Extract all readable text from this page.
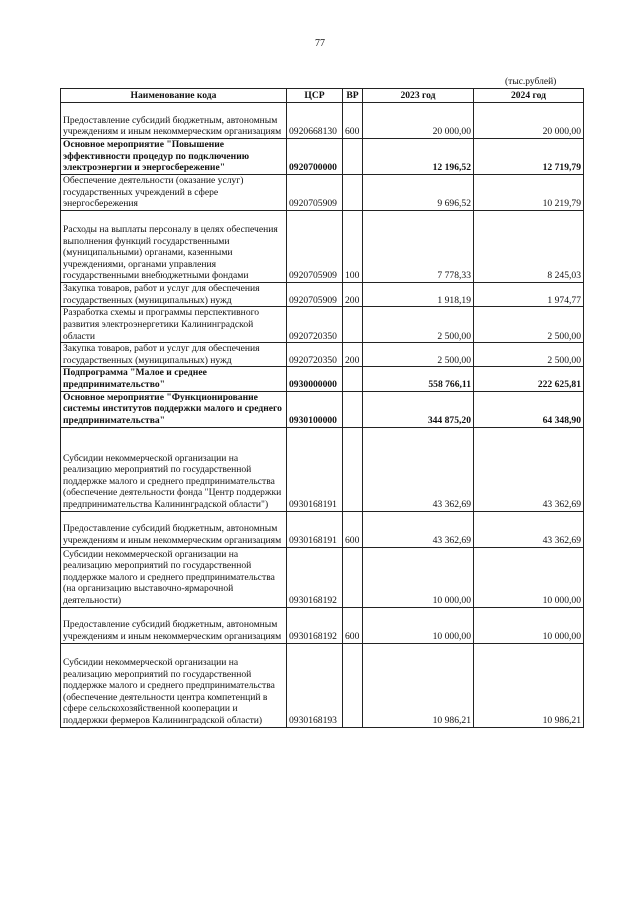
77
(тыс.рублей)
Наименование кода	ЦСР	ВР	2023 год	2024 год
Предоставление субсидий бюджетным, автономным учреждениям и иным некоммерческим организациям	0920668130	600	20 000,00	20 000,00
Основное мероприятие "Повышение эффективности процедур по подключению электроэнергии и энергосбережение"	0920700000		12 196,52	12 719,79
Обеспечение деятельности (оказание услуг) государственных учреждений в сфере энергосбережения	0920705909		9 696,52	10 219,79
Расходы на выплаты персоналу в целях обеспечения выполнения функций государственными (муниципальными) органами, казенными учреждениями, органами управления государственными внебюджетными фондами	0920705909	100	7 778,33	8 245,03
Закупка товаров, работ и услуг для обеспечения государственных (муниципальных) нужд	0920705909	200	1 918,19	1 974,77
Разработка схемы и программы перспективного развития электроэнергетики Калининградской области	0920720350		2 500,00	2 500,00
Закупка товаров, работ и услуг для обеспечения государственных (муниципальных) нужд	0920720350	200	2 500,00	2 500,00
Подпрограмма "Малое и среднее предпринимательство"	0930000000		558 766,11	222 625,81
Основное мероприятие "Функционирование системы институтов поддержки малого и среднего предпринимательства"	0930100000		344 875,20	64 348,90
Субсидии некоммерческой организации на реализацию мероприятий по государственной поддержке малого и среднего предпринимательства (обеспечение деятельности фонда "Центр поддержки предпринимательства Калининградской области")	0930168191		43 362,69	43 362,69
Предоставление субсидий бюджетным, автономным учреждениям и иным некоммерческим организациям	0930168191	600	43 362,69	43 362,69
Субсидии некоммерческой организации на реализацию мероприятий по государственной поддержке малого и среднего предпринимательства (на организацию выставочно-ярмарочной деятельности)	0930168192		10 000,00	10 000,00
Предоставление субсидий бюджетным, автономным учреждениям и иным некоммерческим организациям	0930168192	600	10 000,00	10 000,00
Субсидии некоммерческой организации на реализацию мероприятий по государственной поддержке малого и среднего предпринимательства (обеспечение деятельности центра компетенций в сфере сельскохозяйственной кооперации и поддержки фермеров Калининградской области)	0930168193		10 986,21	10 986,21
